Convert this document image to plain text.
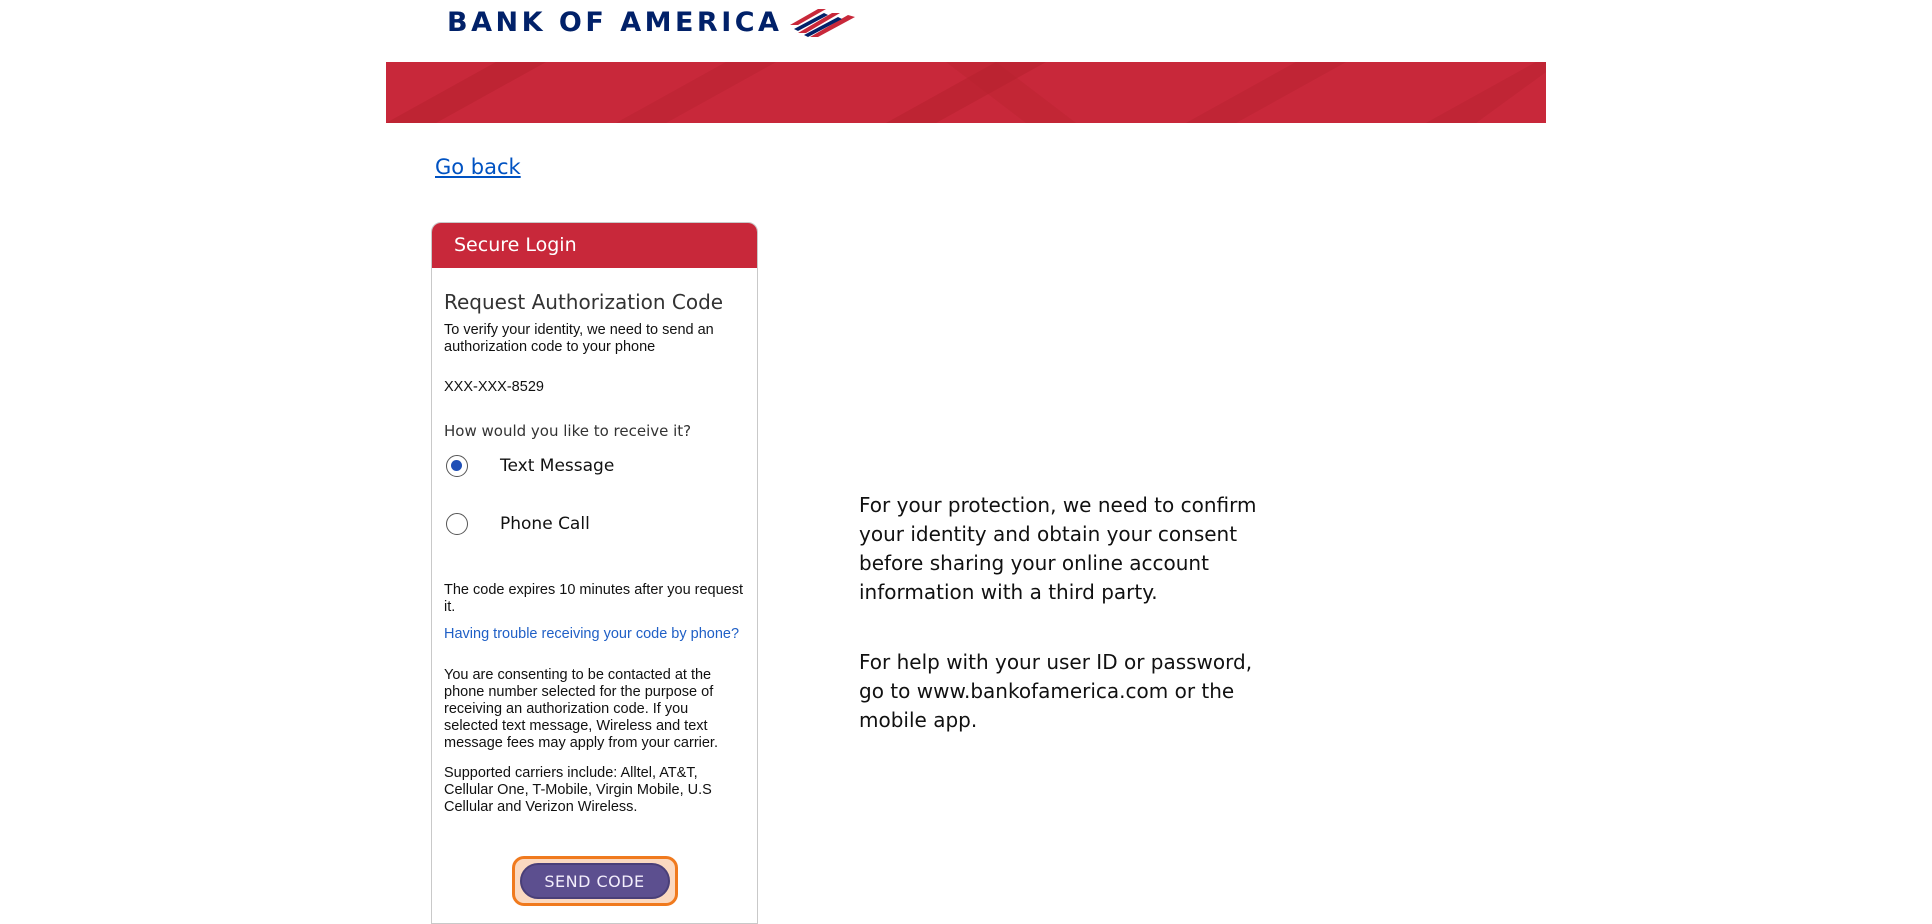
BANK OF AMERICA
Go back
Secure Login
Request Authorization Code
To verify your identity, we need to send an authorization code to your phone
XXX-XXX-8529
How would you like to receive it?
Text Message
Phone Call
The code expires 10 minutes after you request it.
Having trouble receiving your code by phone?
You are consenting to be contacted at the phone number selected for the purpose of receiving an authorization code. If you selected text message, Wireless and text message fees may apply from your carrier.
Supported carriers include: Alltel, AT&T, Cellular One, T-Mobile, Virgin Mobile, U.S Cellular and Verizon Wireless.
SEND CODE
For your protection, we need to confirm your identity and obtain your consent before sharing your online account information with a third party.
For help with your user ID or password, go to www.bankofamerica.com or the mobile app.
